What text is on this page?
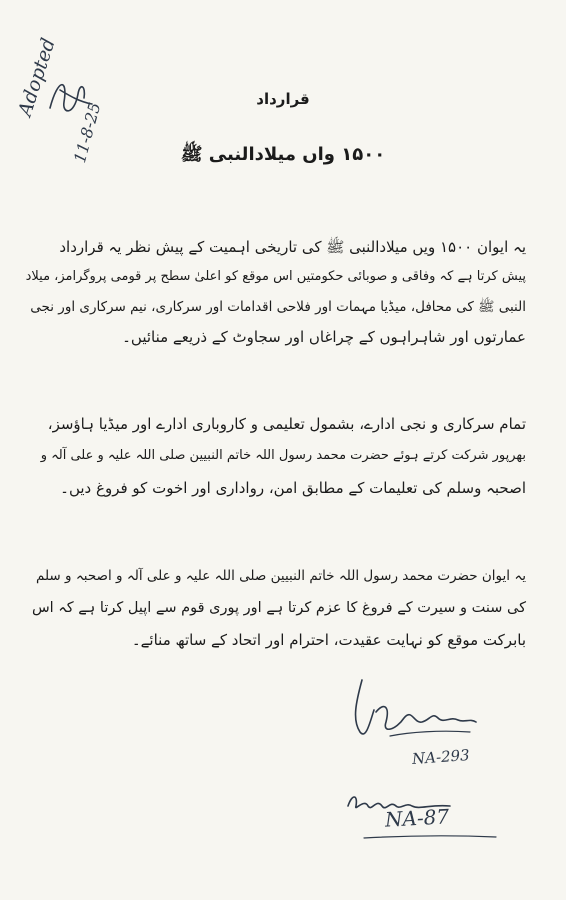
Adopted
11-8-25
قرارداد
۱۵۰۰ واں میلادالنبی ﷺ
یہ ایوان ۱۵۰۰ ویں میلادالنبی ﷺ کی تاریخی اہمیت کے پیش نظر یہ قرارداد
پیش کرتا ہے کہ وفاقی و صوبائی حکومتیں اس موقع کو اعلیٰ سطح پر قومی پروگرامز، میلاد
النبی ﷺ کی محافل، میڈیا مہمات اور فلاحی اقدامات اور سرکاری، نیم سرکاری اور نجی
عمارتوں اور شاہراہوں کے چراغاں اور سجاوٹ کے ذریعے منائیں۔
تمام سرکاری و نجی ادارے، بشمول تعلیمی و کاروباری ادارے اور میڈیا ہاؤسز،
بھرپور شرکت کرتے ہوئے حضرت محمد رسول اللہ خاتم النبیین صلی اللہ علیہ و علی آلہ و
اصحبہ وسلم کی تعلیمات کے مطابق امن، رواداری اور اخوت کو فروغ دیں۔
یہ ایوان حضرت محمد رسول اللہ خاتم النبیین صلی اللہ علیہ و علی آلہ و اصحبہ و سلم
کی سنت و سیرت کے فروغ کا عزم کرتا ہے اور پوری قوم سے اپیل کرتا ہے کہ اس
بابرکت موقع کو نہایت عقیدت، احترام اور اتحاد کے ساتھ منائے۔
NA-293
NA-87
